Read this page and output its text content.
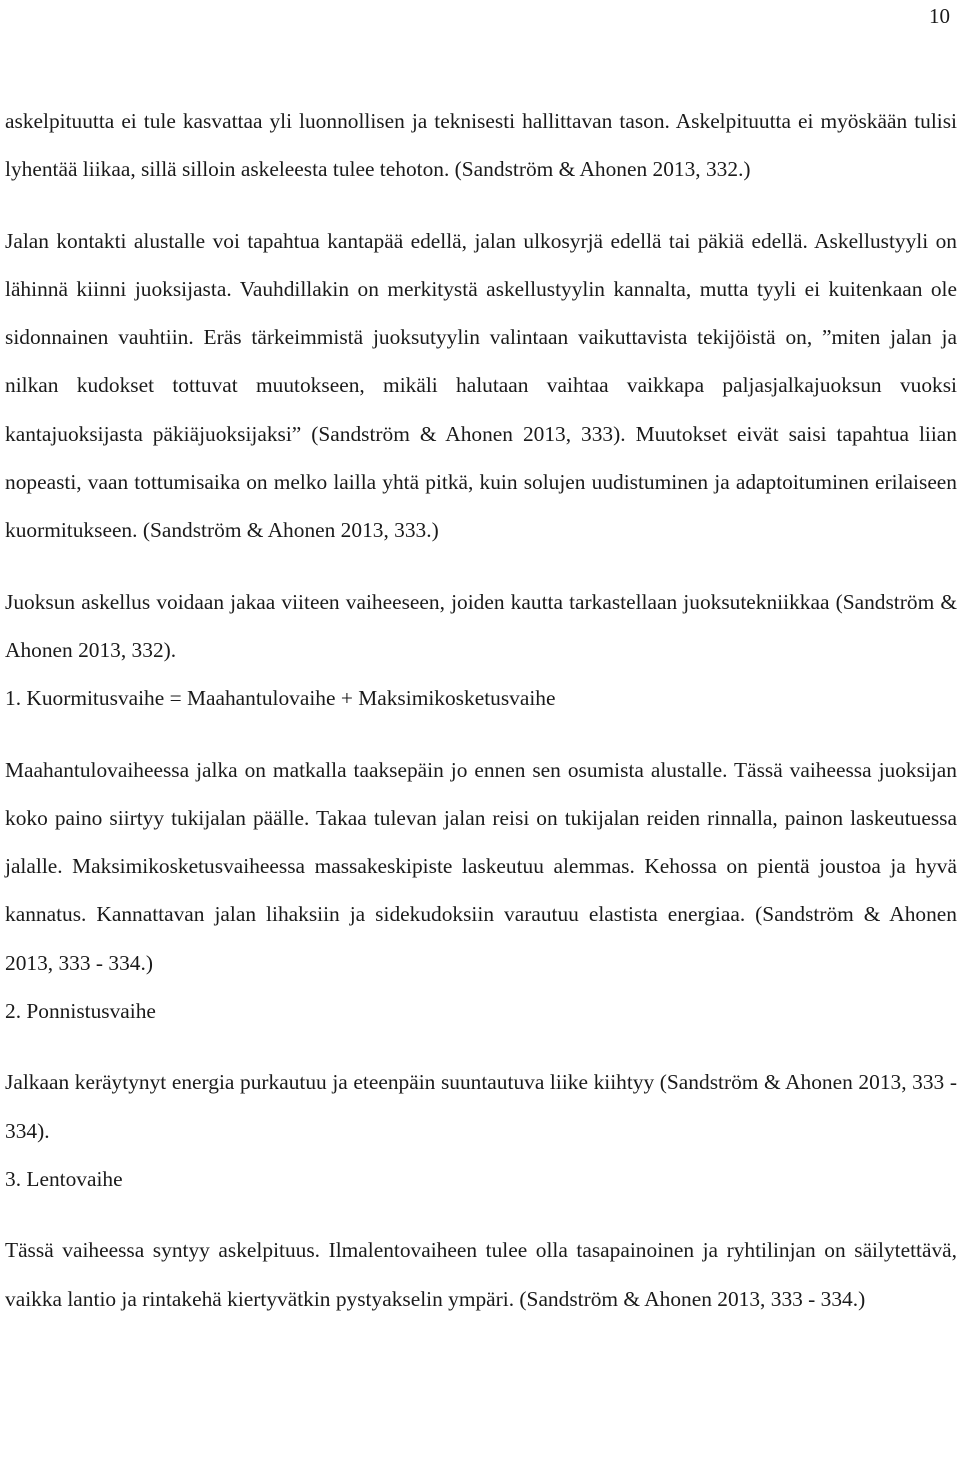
10

askelpituutta ei tule kasvattaa yli luonnollisen ja teknisesti hallittavan tason. Askelpituutta ei myöskään tulisi lyhentää liikaa, sillä silloin askeleesta tulee tehoton. (Sandström & Ahonen 2013, 332.)

Jalan kontakti alustalle voi tapahtua kantapää edellä, jalan ulkosyrjä edellä tai päkiä edellä. Askellustyyli on lähinnä kiinni juoksijasta. Vauhdillakin on merkitystä askellustyylin kannalta, mutta tyyli ei kuitenkaan ole sidonnainen vauhtiin. Eräs tärkeimmistä juoksutyylin valintaan vaikuttavista tekijöistä on, ”miten jalan ja nilkan kudokset tottuvat muutokseen, mikäli halutaan vaihtaa vaikkapa paljasjalkajuoksun vuoksi kantajuoksijasta päkiäjuoksijaksi” (Sandström & Ahonen 2013, 333). Muutokset eivät saisi tapahtua liian nopeasti, vaan tottumisaika on melko lailla yhtä pitkä, kuin solujen uudistuminen ja adaptoituminen erilaiseen kuormitukseen. (Sandström & Ahonen 2013, 333.)

Juoksun askellus voidaan jakaa viiteen vaiheeseen, joiden kautta tarkastellaan juoksutekniikkaa (Sandström & Ahonen 2013, 332).

1. Kuormitusvaihe = Maahantulovaihe + Maksimikosketusvaihe

Maahantulovaiheessa jalka on matkalla taaksepäin jo ennen sen osumista alustalle. Tässä vaiheessa juoksijan koko paino siirtyy tukijalan päälle. Takaa tulevan jalan reisi on tukijalan reiden rinnalla, painon laskeutuessa jalalle. Maksimikosketusvaiheessa massakeskipiste laskeutuu alemmas. Kehossa on pientä joustoa ja hyvä kannatus. Kannattavan jalan lihaksiin ja sidekudoksiin varautuu elastista energiaa. (Sandström & Ahonen 2013, 333 - 334.)

2. Ponnistusvaihe

Jalkaan keräytynyt energia purkautuu ja eteenpäin suuntautuva liike kiihtyy (Sandström & Ahonen 2013, 333 - 334).

3. Lentovaihe

Tässä vaiheessa syntyy askelpituus. Ilmalentovaiheen tulee olla tasapainoinen ja ryhtilinjan on säilytettävä, vaikka lantio ja rintakehä kiertyvätkin pystyakselin ympäri. (Sandström & Ahonen 2013, 333 - 334.)
